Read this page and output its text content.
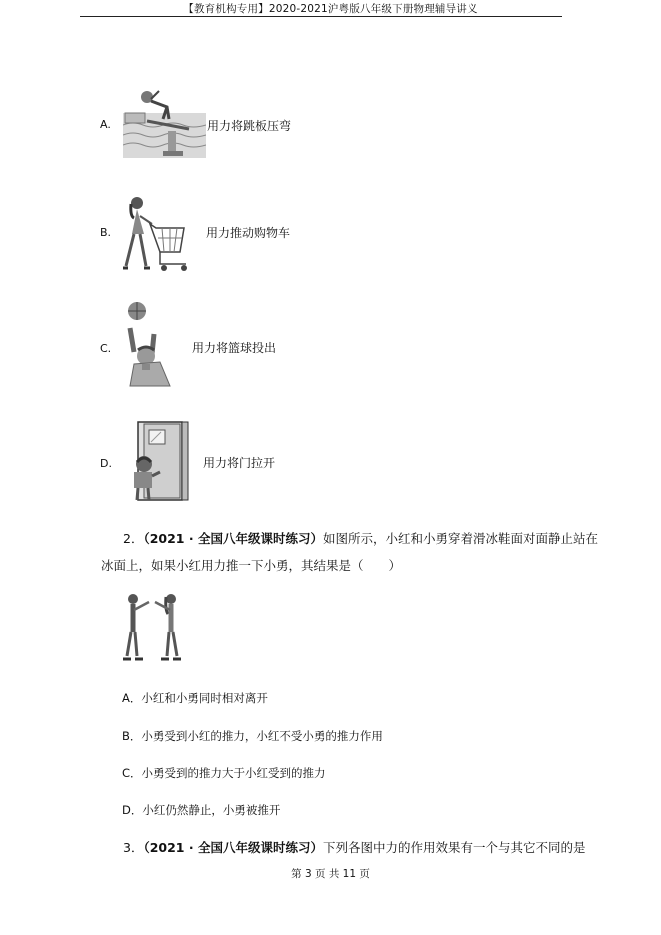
【教育机构专用】2020-2021沪粤版八年级下册物理辅导讲义
A.	用力将跳板压弯
B.	用力推动购物车
C.	用力将篮球投出
D.	用力将门拉开
2．（2021 · 全国八年级课时练习）如图所示，小红和小勇穿着滑冰鞋面对面静止站在
冰面上，如果小红用力推一下小勇，其结果是（　　）
A．小红和小勇同时相对离开
B．小勇受到小红的推力，小红不受小勇的推力作用
C．小勇受到的推力大于小红受到的推力
D．小红仍然静止，小勇被推开
3．（2021 · 全国八年级课时练习）下列各图中力的作用效果有一个与其它不同的是
第 3 页 共 11 页
